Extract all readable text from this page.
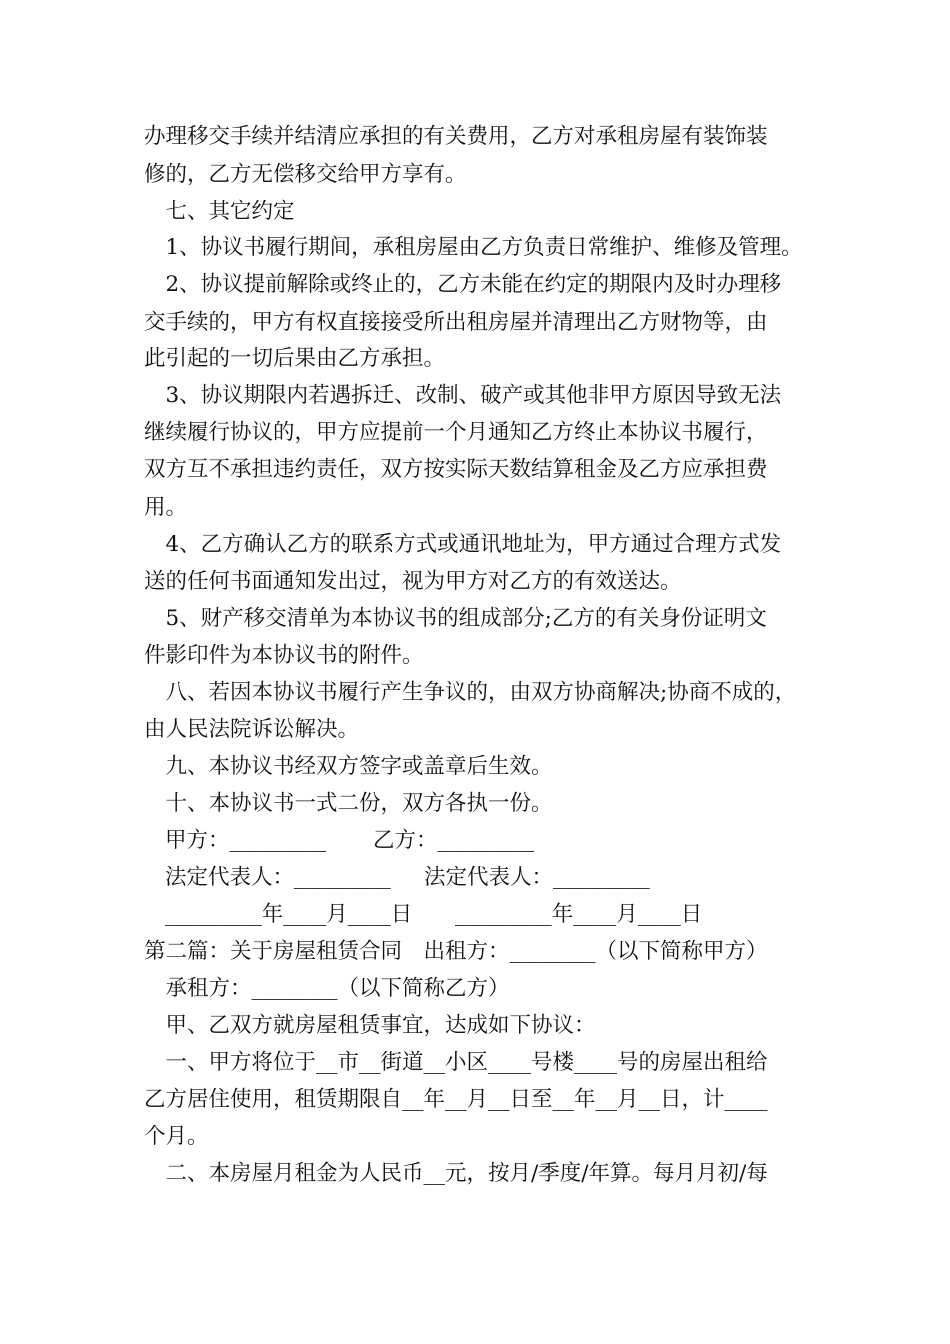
办理移交手续并结清应承担的有关费用，乙方对承租房屋有装饰装

修的，乙方无偿移交给甲方享有。

　七、其它约定

　1、协议书履行期间，承租房屋由乙方负责日常维护、维修及管理。

　2、协议提前解除或终止的，乙方未能在约定的期限内及时办理移

交手续的，甲方有权直接接受所出租房屋并清理出乙方财物等，由

此引起的一切后果由乙方承担。

　3、协议期限内若遇拆迁、改制、破产或其他非甲方原因导致无法

继续履行协议的，甲方应提前一个月通知乙方终止本协议书履行，

双方互不承担违约责任，双方按实际天数结算租金及乙方应承担费

用。

　4、乙方确认乙方的联系方式或通讯地址为，甲方通过合理方式发

送的任何书面通知发出过，视为甲方对乙方的有效送达。

　5、财产移交清单为本协议书的组成部分;乙方的有关身份证明文

件影印件为本协议书的附件。

　八、若因本协议书履行产生争议的，由双方协商解决;协商不成的，

由人民法院诉讼解决。

　九、本协议书经双方签字或盖章后生效。

　十、本协议书一式二份，双方各执一份。

甲方：_________ 乙方：_________

法定代表人：_________ 法定代表人：_________

_________年____月____日 _________年____月____日

第二篇：关于房屋租赁合同　出租方：________（以下简称甲方）

　承租方：________（以下简称乙方）

　甲、乙双方就房屋租赁事宜，达成如下协议：

　一、甲方将位于__市__街道__小区____号楼____号的房屋出租给

乙方居住使用，租赁期限自__年__月__日至__年__月__日，计____

个月。

　二、本房屋月租金为人民币__元，按月/季度/年算。每月月初/每
